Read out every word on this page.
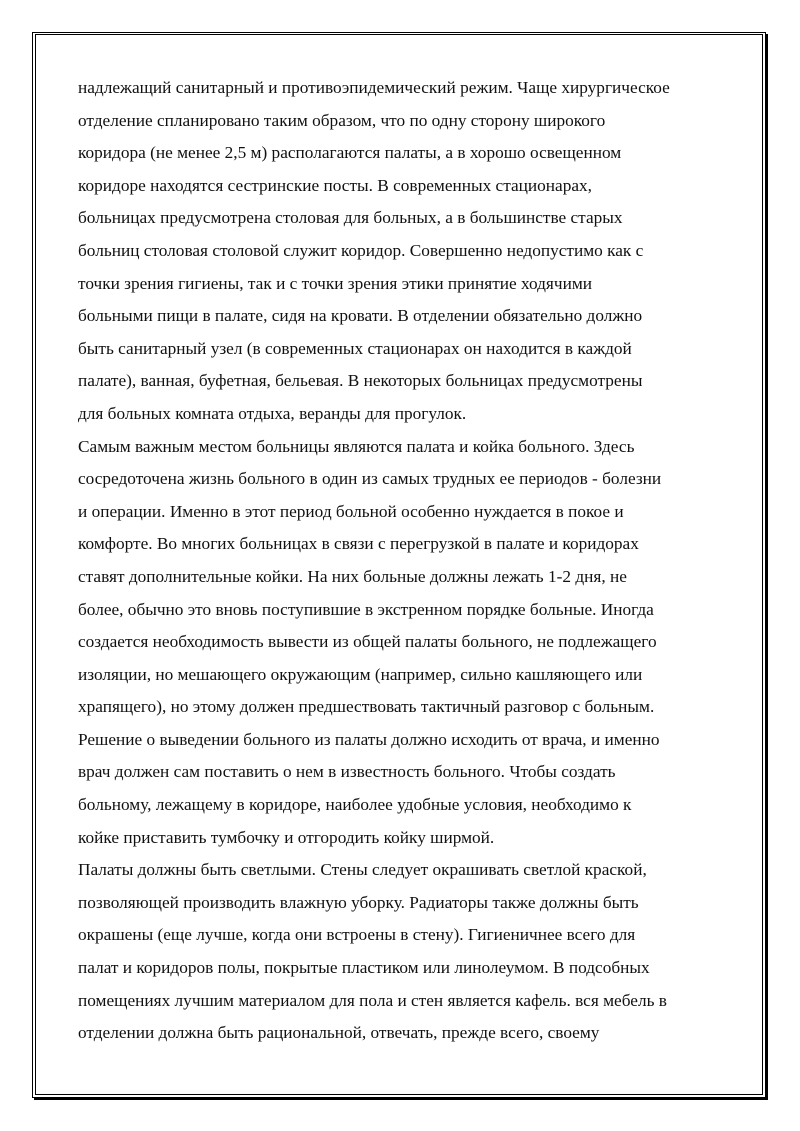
надлежащий санитарный и противоэпидемический режим. Чаще хирургическое
отделение спланировано таким образом, что по одну сторону широкого
коридора (не менее 2,5 м) располагаются палаты, а в хорошо освещенном
коридоре находятся сестринские посты. В современных стационарах,
больницах предусмотрена столовая для больных, а в большинстве старых
больниц столовая столовой служит коридор. Совершенно недопустимо как с
точки зрения гигиены, так и с точки зрения этики принятие ходячими
больными пищи в палате, сидя на кровати. В отделении обязательно должно
быть санитарный узел (в современных стационарах он находится в каждой
палате), ванная, буфетная, бельевая. В некоторых больницах предусмотрены
для больных комната отдыха, веранды для прогулок.
Самым важным местом больницы являются палата и койка больного. Здесь
сосредоточена жизнь больного в один из самых трудных ее периодов - болезни
и операции. Именно в этот период больной особенно нуждается в покое и
комфорте. Во многих больницах в связи с перегрузкой в палате и коридорах
ставят дополнительные койки. На них больные должны лежать 1-2 дня, не
более, обычно это вновь поступившие в экстренном порядке больные. Иногда
создается необходимость вывести из общей палаты больного, не подлежащего
изоляции, но мешающего окружающим (например, сильно кашляющего или
храпящего), но этому должен предшествовать тактичный разговор с больным.
Решение о выведении больного из палаты должно исходить от врача, и именно
врач должен сам поставить о нем в известность больного. Чтобы создать
больному, лежащему в коридоре, наиболее удобные условия, необходимо к
койке приставить тумбочку и отгородить койку ширмой.
Палаты должны быть светлыми. Стены следует окрашивать светлой краской,
позволяющей производить влажную уборку. Радиаторы также должны быть
окрашены (еще лучше, когда они встроены в стену). Гигиеничнее всего для
палат и коридоров полы, покрытые пластиком или линолеумом. В подсобных
помещениях лучшим материалом для пола и стен является кафель. вся мебель в
отделении должна быть рациональной, отвечать, прежде всего, своему
